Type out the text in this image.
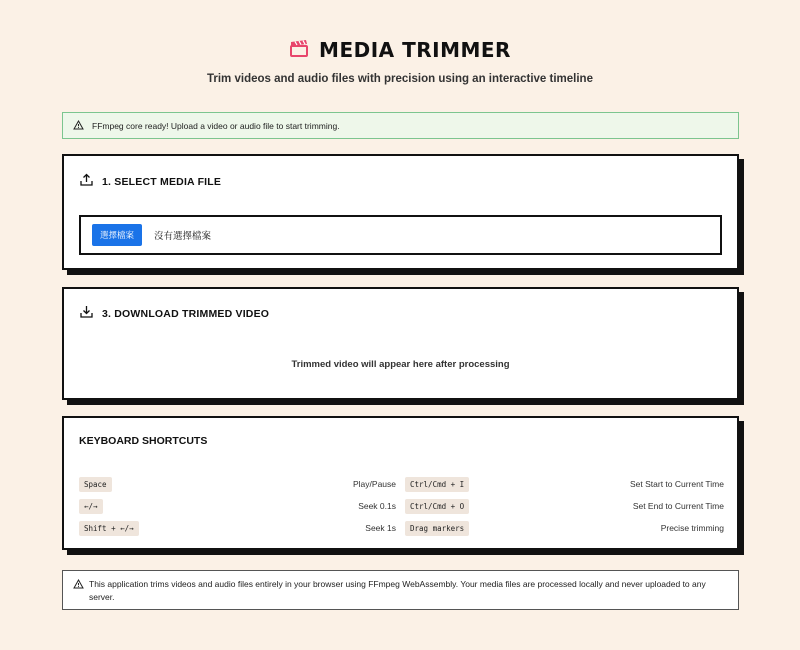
MEDIA TRIMMER
Trim videos and audio files with precision using an interactive timeline
FFmpeg core ready! Upload a video or audio file to start trimming.
1. SELECT MEDIA FILE
選擇檔案	沒有選擇檔案
3. DOWNLOAD TRIMMED VIDEO
Trimmed video will appear here after processing
KEYBOARD SHORTCUTS
Space	Play/Pause	Ctrl/Cmd + I	Set Start to Current Time
←/→	Seek 0.1s	Ctrl/Cmd + O	Set End to Current Time
Shift + ←/→	Seek 1s	Drag markers	Precise trimming
This application trims videos and audio files entirely in your browser using FFmpeg WebAssembly. Your media files are processed locally and never uploaded to any server.
